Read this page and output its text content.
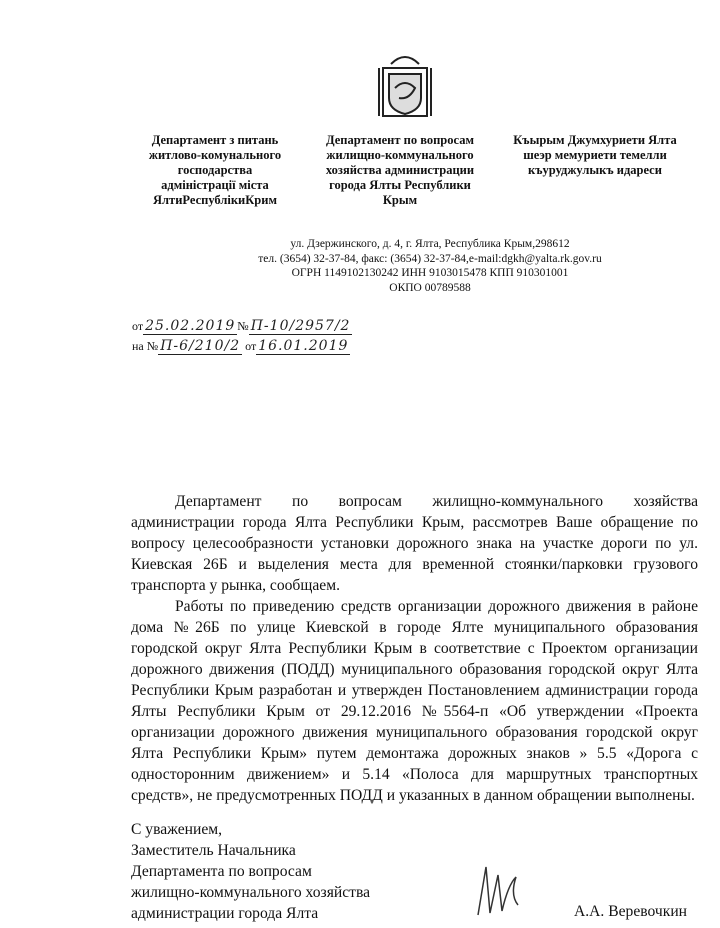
Департамент з питань
житлово-комунального
господарства
адміністрації міста
ЯлтиРеспублікиКрим
Департамент по вопросам
жилищно-коммунального
хозяйства администрации
города Ялты Республики
Крым
Къырым Джумхуриети Ялта
шеэр мемуриети темелли
къуруджулыкъ идареси
ул. Дзержинского, д. 4, г. Ялта, Республика Крым,298612
тел. (3654) 32-37-84, факс: (3654) 32-37-84,e-mail:dgkh@yalta.rk.gov.ru
ОГРН 1149102130242 ИНН 9103015478 КПП 910301001
ОКПО 00789588
от 25.02.2019 № П-10/2957/2
на № П-6/210/2 от 16.01.2019

Департамент по вопросам жилищно-коммунального хозяйства администрации города Ялта Республики Крым, рассмотрев Ваше обращение по вопросу целесообразности установки дорожного знака на участке дороги по ул. Киевская 26Б и выделения места для временной стоянки/парковки грузового транспорта у рынка, сообщаем.

Работы по приведению средств организации дорожного движения в районе дома №26Б по улице Киевской в городе Ялте муниципального образования городской округ Ялта Республики Крым в соответствие с Проектом организации дорожного движения (ПОДД) муниципального образования городской округ Ялта Республики Крым разработан и утвержден Постановлением администрации города Ялты Республики Крым от 29.12.2016 №5564-п «Об утверждении «Проекта организации дорожного движения муниципального образования городской округ Ялта Республики Крым» путем демонтажа дорожных знаков » 5.5 «Дорога с односторонним движением» и 5.14 «Полоса для маршрутных транспортных средств», не предусмотренных ПОДД и указанных в данном обращении выполнены.

С уважением,
Заместитель Начальника
Департамента по вопросам
жилищно-коммунального хозяйства
администрации города Ялта	А.А. Веревочкин
